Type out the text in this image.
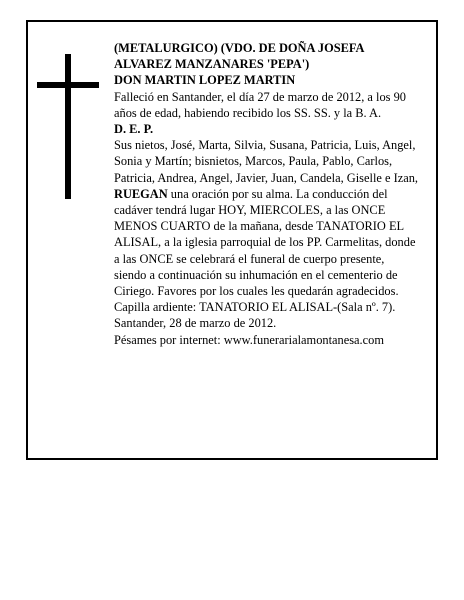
(METALURGICO) (VDO. DE DOÑA JOSEFA

ALVAREZ MANZANARES 'PEPA')

DON MARTIN LOPEZ MARTIN

Falleció en Santander, el día 27 de marzo de 2012, a los 90 años de edad, habiendo recibido los SS. SS. y la B. A.

D. E. P.

Sus nietos, José, Marta, Silvia, Susana, Patricia, Luis, Angel, Sonia y Martín; bisnietos, Marcos, Paula, Pablo, Carlos, Patricia, Andrea, Angel, Javier, Juan, Candela, Giselle e Izan,

RUEGAN una oración por su alma. La conducción del cadáver tendrá lugar HOY, MIERCOLES, a las ONCE MENOS CUARTO de la mañana, desde TANATORIO EL ALISAL, a la iglesia parroquial de los PP. Carmelitas, donde a las ONCE se celebrará el funeral de cuerpo presente, siendo a continuación su inhumación en el cementerio de Ciriego. Favores por los cuales les quedarán agradecidos. Capilla ardiente: TANATORIO EL ALISAL-(Sala nº. 7).

Santander, 28 de marzo de 2012.

Pésames por internet: www.funerarialamontanesa.com
